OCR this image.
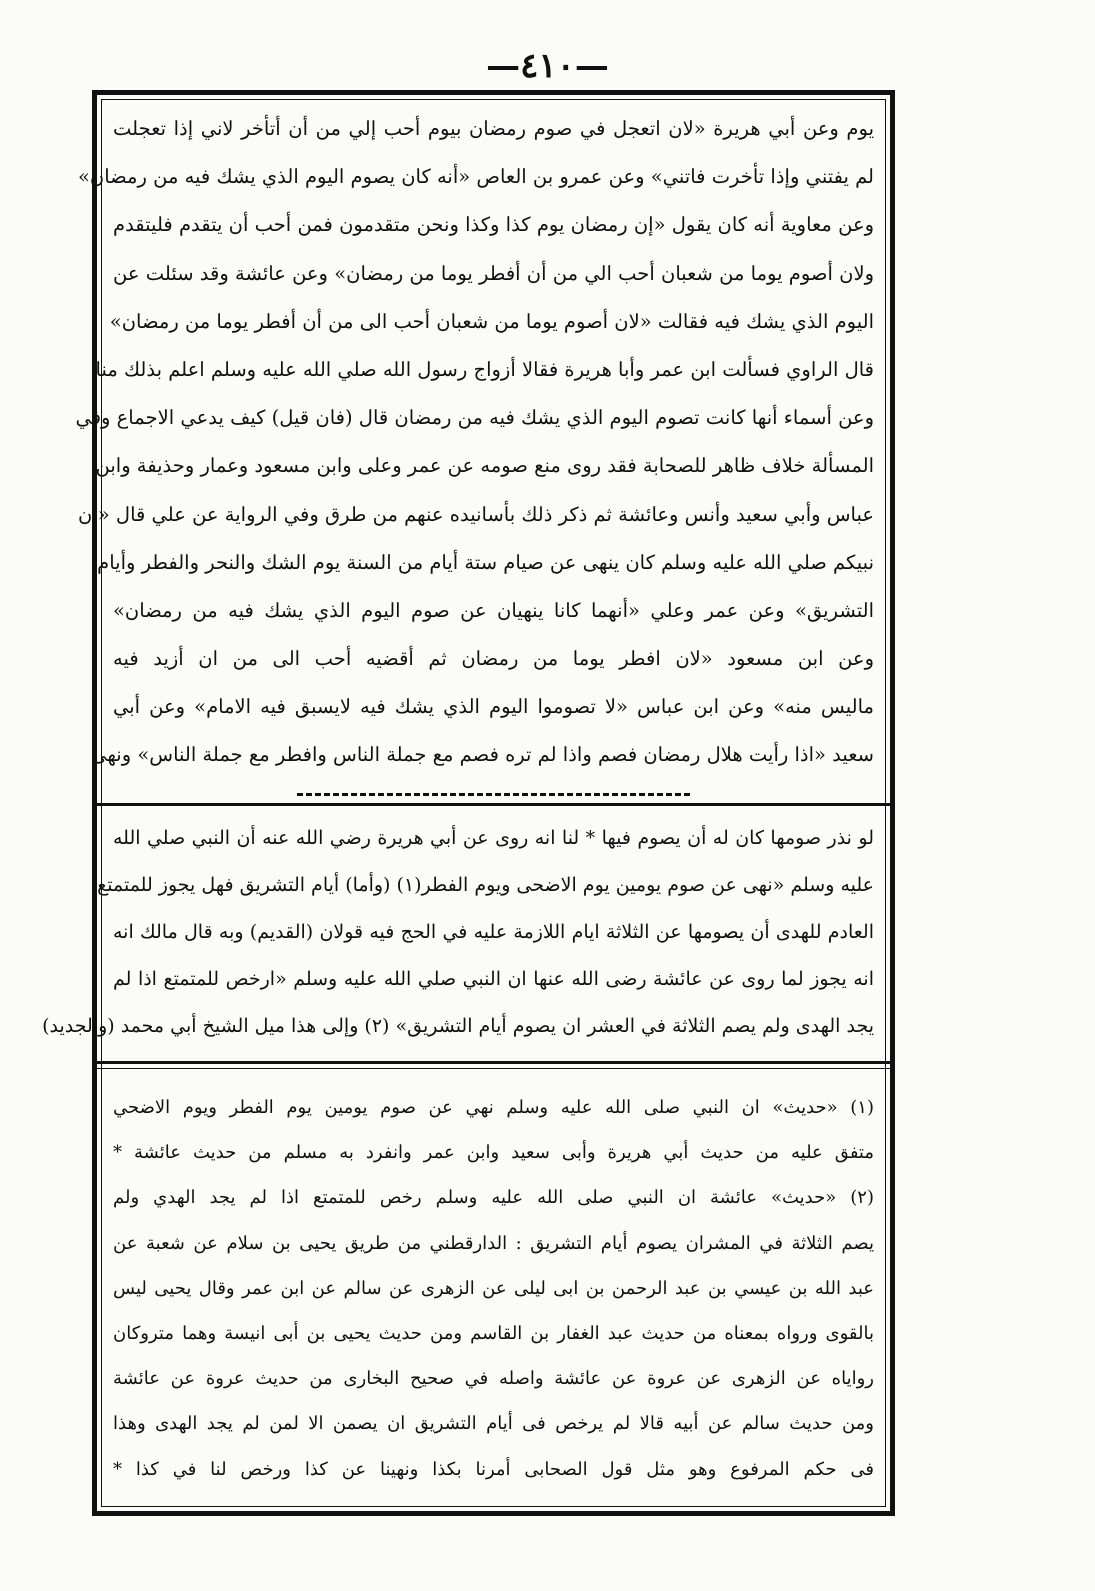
—٤١٠—
يوم وعن أبي هريرة «لان اتعجل في صوم رمضان بيوم أحب إلي من أن أتأخر لاني إذا تعجلت
لم يفتني وإذا تأخرت فاتني» وعن عمرو بن العاص «أنه كان يصوم اليوم الذي يشك فيه من رمضان»
وعن معاوية أنه كان يقول «إن رمضان يوم كذا وكذا ونحن متقدمون فمن أحب أن يتقدم فليتقدم
ولان أصوم يوما من شعبان أحب الي من أن أفطر يوما من رمضان» وعن عائشة وقد سئلت عن
اليوم الذي يشك فيه فقالت «لان أصوم يوما من شعبان أحب الى من أن أفطر يوما من رمضان»
قال الراوي فسألت ابن عمر وأبا هريرة فقالا أزواج رسول الله صلي الله عليه وسلم اعلم بذلك منا
وعن أسماء أنها كانت تصوم اليوم الذي يشك فيه من رمضان قال (فان قيل) كيف يدعي الاجماع وفي
المسألة خلاف ظاهر للصحابة فقد روى منع صومه عن عمر وعلى وابن مسعود وعمار وحذيفة وابن
عباس وأبي سعيد وأنس وعائشة ثم ذكر ذلك بأسانيده عنهم من طرق وفي الرواية عن علي قال «إن
نبيكم صلي الله عليه وسلم كان ينهى عن صيام ستة أيام من السنة يوم الشك والنحر والفطر وأيام
التشريق» وعن عمر وعلي «أنهما كانا ينهيان عن صوم اليوم الذي يشك فيه من رمضان»
وعن ابن مسعود «لان افطر يوما من رمضان ثم أقضيه أحب الى من ان أزيد فيه
ماليس منه» وعن ابن عباس «لا تصوموا اليوم الذي يشك فيه لايسبق فيه الامام» وعن أبي
سعيد «اذا رأيت هلال رمضان فصم واذا لم تره فصم مع جملة الناس وافطر مع جملة الناس» ونهى
لو نذر صومها كان له أن يصوم فيها * لنا انه روى عن أبي هريرة رضي الله عنه أن النبي صلي الله
عليه وسلم «نهى عن صوم يومين يوم الاضحى ويوم الفطر(١) (وأما) أيام التشريق فهل يجوز للمتمتع
العادم للهدى أن يصومها عن الثلاثة ايام اللازمة عليه في الحج فيه قولان (القديم) وبه قال مالك انه
انه يجوز لما روى عن عائشة رضى الله عنها ان النبي صلي الله عليه وسلم «ارخص للمتمتع اذا لم
يجد الهدى ولم يصم الثلاثة في العشر ان يصوم أيام التشريق» (٢) وإلى هذا ميل الشيخ أبي محمد (والجديد)
(١) «حديث» ان النبي صلى الله عليه وسلم نهي عن صوم يومين يوم الفطر ويوم الاضحي
متفق عليه من حديث أبي هريرة وأبى سعيد وابن عمر وانفرد به مسلم من حديث عائشة *
(٢) «حديث» عائشة ان النبي صلى الله عليه وسلم رخص للمتمتع اذا لم يجد الهدي ولم
يصم الثلاثة في المشران يصوم أيام التشريق : الدارقطني من طريق يحيى بن سلام عن شعبة عن
عبد الله بن عيسي بن عبد الرحمن بن ابى ليلى عن الزهرى عن سالم عن ابن عمر وقال يحيى ليس
بالقوى ورواه بمعناه من حديث عبد الغفار بن القاسم ومن حديث يحيى بن أبى انيسة وهما متروكان
رواياه عن الزهرى عن عروة عن عائشة واصله في صحيح البخارى من حديث عروة عن عائشة
ومن حديث سالم عن أبيه قالا لم يرخص فى أيام التشريق ان يصمن الا لمن لم يجد الهدى وهذا
فى حكم المرفوع وهو مثل قول الصحابى أمرنا بكذا ونهينا عن كذا ورخص لنا في كذا *
